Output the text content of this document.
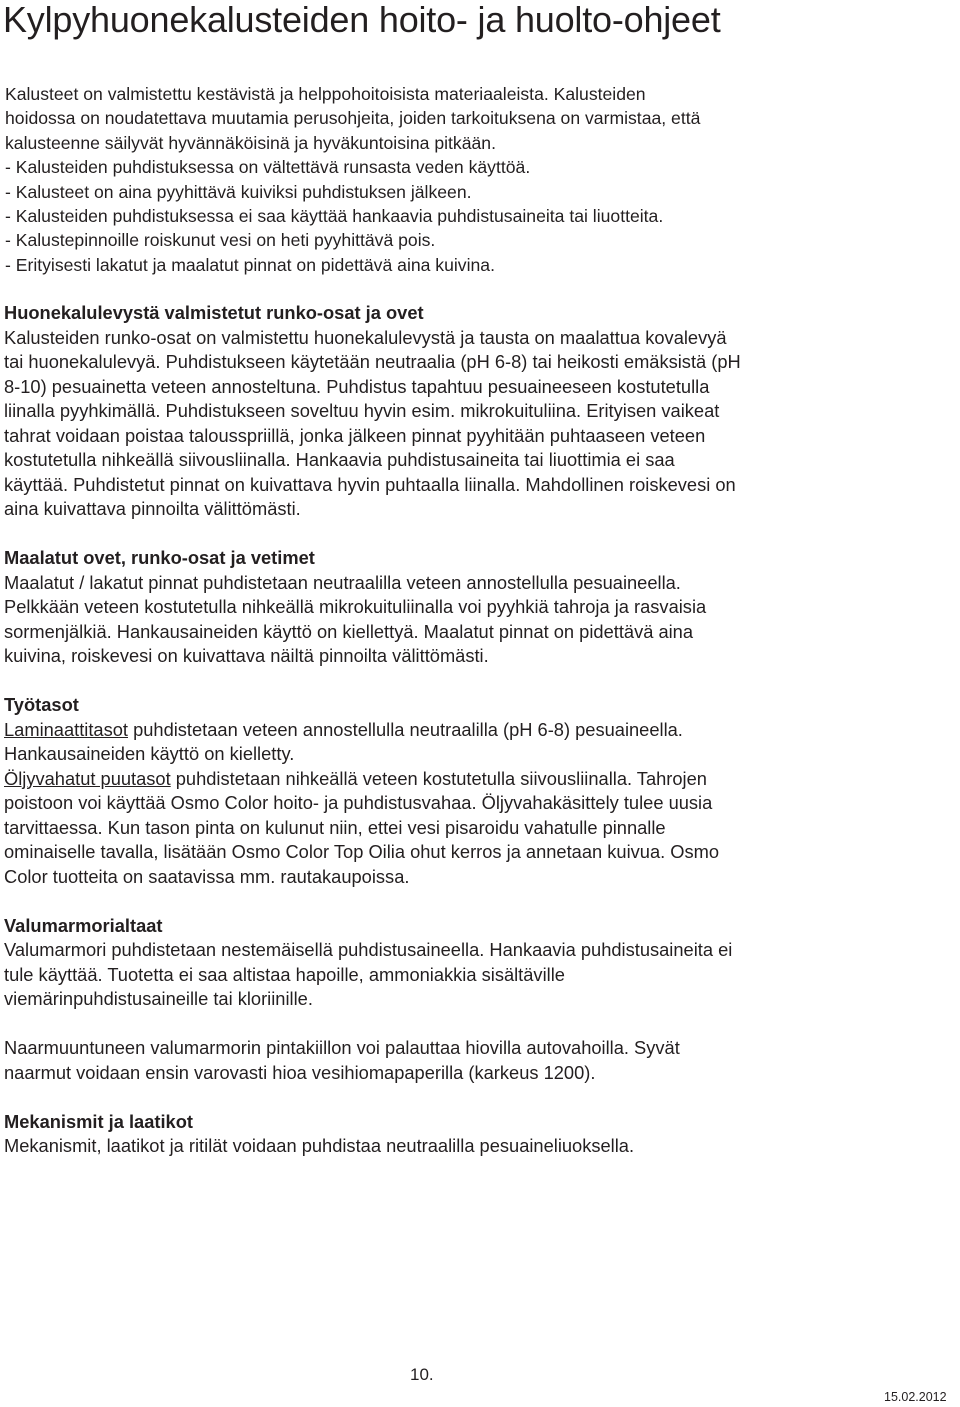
Kylpyhuonekalusteiden hoito- ja huolto-ohjeet

Kalusteet on valmistettu kestävistä ja helppohoitoisista materiaaleista. Kalusteiden

hoidossa on noudatettava muutamia perusohjeita, joiden tarkoituksena on varmistaa, että

kalusteenne säilyvät hyvännäköisinä ja hyväkuntoisina pitkään.

- Kalusteiden puhdistuksessa on vältettävä runsasta veden käyttöä.

- Kalusteet on aina pyyhittävä kuiviksi puhdistuksen jälkeen.

- Kalusteiden puhdistuksessa ei saa käyttää hankaavia puhdistusaineita tai liuotteita.

- Kalustepinnoille roiskunut vesi on heti pyyhittävä pois.

- Erityisesti lakatut ja maalatut pinnat on pidettävä aina kuivina.

Huonekalulevystä valmistetut runko-osat ja ovet

Kalusteiden runko-osat on valmistettu huonekalulevystä ja tausta on maalattua kovalevyä

tai huonekalulevyä. Puhdistukseen käytetään neutraalia (pH 6-8) tai heikosti emäksistä (pH

8-10) pesuainetta veteen annosteltuna. Puhdistus tapahtuu pesuaineeseen kostutetulla

liinalla pyyhkimällä. Puhdistukseen soveltuu hyvin esim. mikrokuituliina. Erityisen vaikeat

tahrat voidaan poistaa talousspriillä, jonka jälkeen pinnat pyyhitään puhtaaseen veteen

kostutetulla nihkeällä siivousliinalla. Hankaavia puhdistusaineita tai liuottimia ei saa

käyttää. Puhdistetut pinnat on kuivattava hyvin puhtaalla liinalla. Mahdollinen roiskevesi on

aina kuivattava pinnoilta välittömästi.

Maalatut ovet, runko-osat ja vetimet

Maalatut / lakatut pinnat puhdistetaan neutraalilla veteen annostellulla pesuaineella.

Pelkkään veteen kostutetulla nihkeällä mikrokuituliinalla voi pyyhkiä tahroja ja rasvaisia

sormenjälkiä. Hankausaineiden käyttö on kiellettyä. Maalatut pinnat on pidettävä aina

kuivina, roiskevesi on kuivattava näiltä pinnoilta välittömästi.

Työtasot

Laminaattitasot puhdistetaan veteen annostellulla neutraalilla (pH 6-8) pesuaineella.

Hankausaineiden käyttö on kielletty.

Öljyvahatut puutasot puhdistetaan nihkeällä veteen kostutetulla siivousliinalla. Tahrojen

poistoon voi käyttää Osmo Color hoito- ja puhdistusvahaa. Öljyvahakäsittely tulee uusia

tarvittaessa. Kun tason pinta on kulunut niin, ettei vesi pisaroidu vahatulle pinnalle

ominaiselle tavalla, lisätään Osmo Color Top Oilia ohut kerros ja annetaan kuivua. Osmo

Color tuotteita on saatavissa mm. rautakaupoissa.

Valumarmorialtaat

Valumarmori puhdistetaan nestemäisellä puhdistusaineella. Hankaavia puhdistusaineita ei

tule käyttää. Tuotetta ei saa altistaa hapoille, ammoniakkia sisältäville

viemärinpuhdistusaineille tai kloriinille.

Naarmuuntuneen valumarmorin pintakiillon voi palauttaa hiovilla autovahoilla. Syvät

naarmut voidaan ensin varovasti hioa vesihiomapaperilla (karkeus 1200).

Mekanismit ja laatikot

Mekanismit, laatikot ja ritilät voidaan puhdistaa neutraalilla pesuaineliuoksella.

10.
15.02.2012
